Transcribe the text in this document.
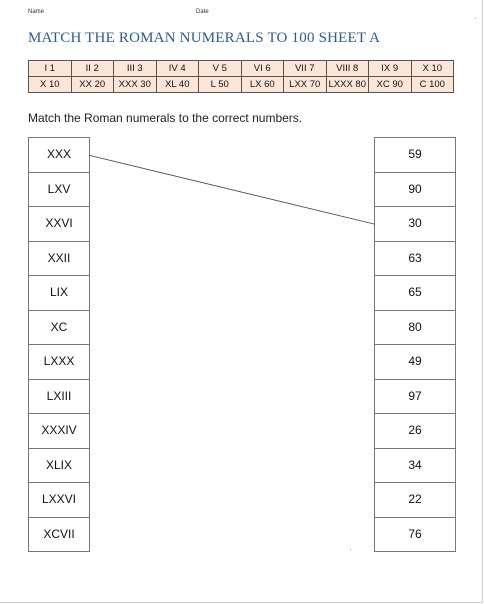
Name	Date
MATCH THE ROMAN NUMERALS TO 100 SHEET A
I 1	II 2	III 3	IV 4	V 5	VI 6	VII 7	VIII 8	IX 9	X 10
X 10	XX 20	XXX 30	XL 40	L 50	LX 60	LXX 70	LXXX 80	XC 90	C 100
Match the Roman numerals to the correct numbers.
XXX
LXV
XXVI
XXII
LIX
XC
LXXX
LXIII
XXXIV
XLIX
LXXVI
XCVII
59
90
30
63
65
80
49
97
26
34
22
76
